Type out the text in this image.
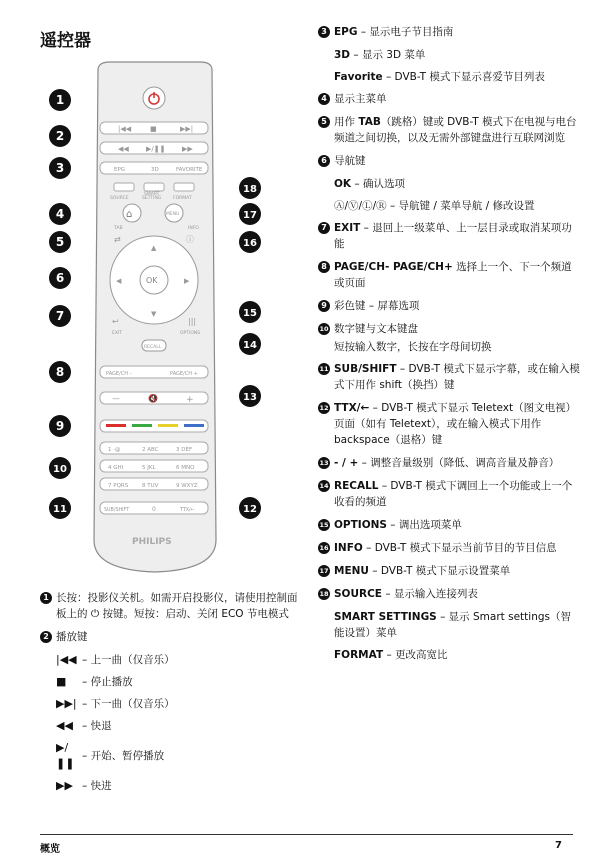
遥控器
|◀◀	■	▶▶|
◀◀ ▶/❚❚ ▶▶
EPG	3D	FAVORITE
SOURCE
SMART
SETTING	FORMAT
⌂	MENU
TAB	INFO
⇄	ⓘ
OK
▲
▼
◀	▶
↩
EXIT
|||
OPTIONS
RECALL
PAGE/CH -	PAGE/CH +
—	🔇	+
1 ·@	2 ABC	3 DEF
4 GHI	5 JKL	6 MNO
7 PQRS	8 TUV	9 WXYZ
SUB/SHIFT	0	TTX/←
PHILIPS
1
2
3
4
5
6
7
8
9
10
11	12
13
14
15
16
17
18
1 长按：投影仪关机。如需开启投影仪，请使用控制面板上的 ⏻ 按键。短按：启动、关闭 ECO 节电模式
2 播放键
|◀◀ – 上一曲（仅音乐）
■	– 停止播放
▶▶| – 下一曲（仅音乐）
◀◀ – 快退
▶/❚❚
– 开始、暂停播放
▶▶ – 快进
3 EPG – 显示电子节目指南
3D – 显示 3D 菜单
Favorite – DVB-T 模式下显示喜爱节目列表
4 显示主菜单
5 用作 TAB（跳格）键或 DVB-T 模式下在电视与电台频道之间切换，以及无需外部键盘进行互联网浏览
6 导航键
OK – 确认选项
Ⓐ/Ⓥ/Ⓛ/Ⓡ – 导航键 / 菜单导航 / 修改设置
7 EXIT – 退回上一级菜单、上一层目录或取消某项功能
8 PAGE/CH- PAGE/CH+ 选择上一个、下一个频道或页面
9 彩色键 – 屏幕选项
10 数字键与文本键盘
短按输入数字，长按在字母间切换
11 SUB/SHIFT – DVB-T 模式下显示字幕，或在输入模式下用作 shift（换挡）键
12 TTX/← – DVB-T 模式下显示 Teletext（图文电视）页面（如有 Teletext），或在输入模式下用作 backspace（退格）键
13 - / + – 调整音量级别（降低、调高音量及静音）
14 RECALL – DVB-T 模式下调回上一个功能或上一个收看的频道
15 OPTIONS – 调出选项菜单
16 INFO – DVB-T 模式下显示当前节目的节目信息
17 MENU – DVB-T 模式下显示设置菜单
18 SOURCE – 显示输入连接列表
SMART SETTINGS – 显示 Smart settings（智能设置）菜单
FORMAT – 更改高宽比
概览	7
